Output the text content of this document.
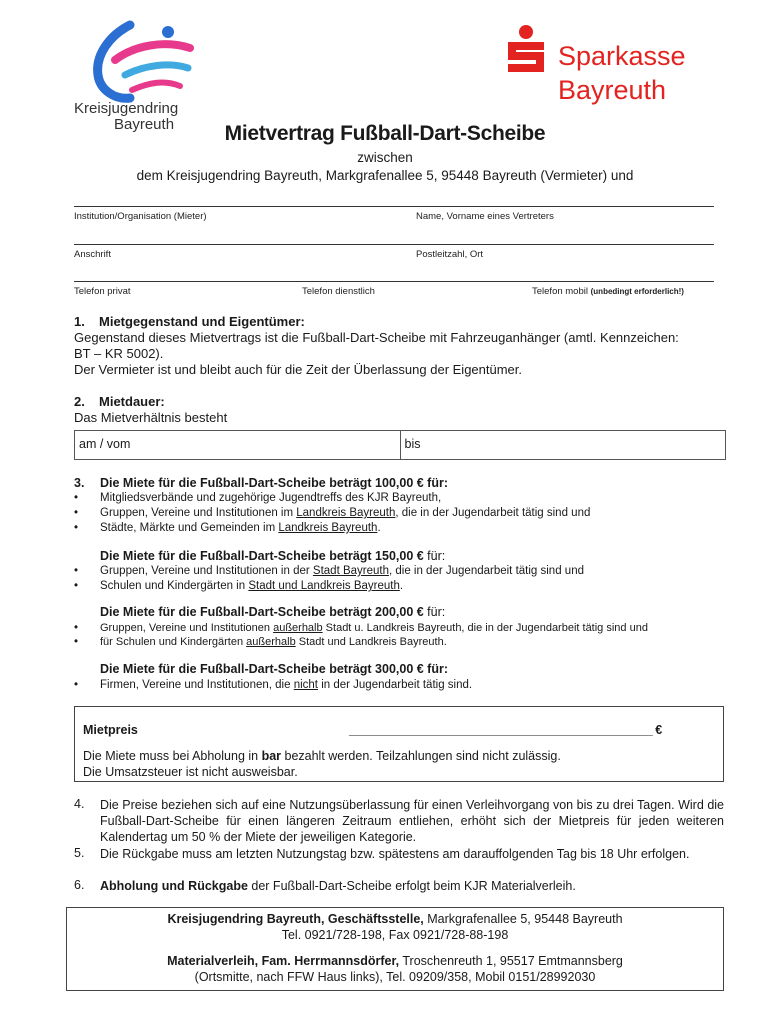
Kreisjugendring
Bayreuth
Sparkasse
Bayreuth
Mietvertrag Fußball-Dart-Scheibe
zwischen
dem Kreisjugendring Bayreuth, Markgrafenallee 5, 95448 Bayreuth (Vermieter) und
Institution/Organisation (Mieter)	Name, Vorname eines Vertreters
Anschrift	Postleitzahl, Ort
Telefon privat	Telefon dienstlich	Telefon mobil (unbedingt erforderlich!)
1. Mietgegenstand und Eigentümer:
Gegenstand dieses Mietvertrags ist die Fußball-Dart-Scheibe mit Fahrzeuganhänger (amtl. Kennzeichen:
BT – KR 5002).
Der Vermieter ist und bleibt auch für die Zeit der Überlassung der Eigentümer.
2. Mietdauer:
Das Mietverhältnis besteht
am / vom	bis
3. Die Miete für die Fußball-Dart-Scheibe beträgt 100,00 € für:
• Mitgliedsverbände und zugehörige Jugendtreffs des KJR Bayreuth,
• Gruppen, Vereine und Institutionen im Landkreis Bayreuth, die in der Jugendarbeit tätig sind und
• Städte, Märkte und Gemeinden im Landkreis Bayreuth.
Die Miete für die Fußball-Dart-Scheibe beträgt 150,00 € für:
• Gruppen, Vereine und Institutionen in der Stadt Bayreuth, die in der Jugendarbeit tätig sind und
• Schulen und Kindergärten in Stadt und Landkreis Bayreuth.
Die Miete für die Fußball-Dart-Scheibe beträgt 200,00 € für:
• Gruppen, Vereine und Institutionen außerhalb Stadt u. Landkreis Bayreuth, die in der Jugendarbeit tätig sind und
• für Schulen und Kindergärten außerhalb Stadt und Landkreis Bayreuth.
Die Miete für die Fußball-Dart-Scheibe beträgt 300,00 € für:
• Firmen, Vereine und Institutionen, die nicht in der Jugendarbeit tätig sind.
Mietpreis	_______________________________________________ €
Die Miete muss bei Abholung in bar bezahlt werden. Teilzahlungen sind nicht zulässig.
Die Umsatzsteuer ist nicht ausweisbar.
4. Die Preise beziehen sich auf eine Nutzungsüberlassung für einen Verleihvorgang von bis zu drei Tagen. Wird die Fußball-Dart-Scheibe für einen längeren Zeitraum entliehen, erhöht sich der Mietpreis für jeden weiteren Kalendertag um 50 % der Miete der jeweiligen Kategorie.
5. Die Rückgabe muss am letzten Nutzungstag bzw. spätestens am darauffolgenden Tag bis 18 Uhr erfolgen.
6. Abholung und Rückgabe der Fußball-Dart-Scheibe erfolgt beim KJR Materialverleih.
Kreisjugendring Bayreuth, Geschäftsstelle, Markgrafenallee 5, 95448 Bayreuth
Tel. 0921/728-198, Fax 0921/728-88-198
Materialverleih, Fam. Herrmannsdörfer, Troschenreuth 1, 95517 Emtmannsberg
(Ortsmitte, nach FFW Haus links), Tel. 09209/358, Mobil 0151/28992030
